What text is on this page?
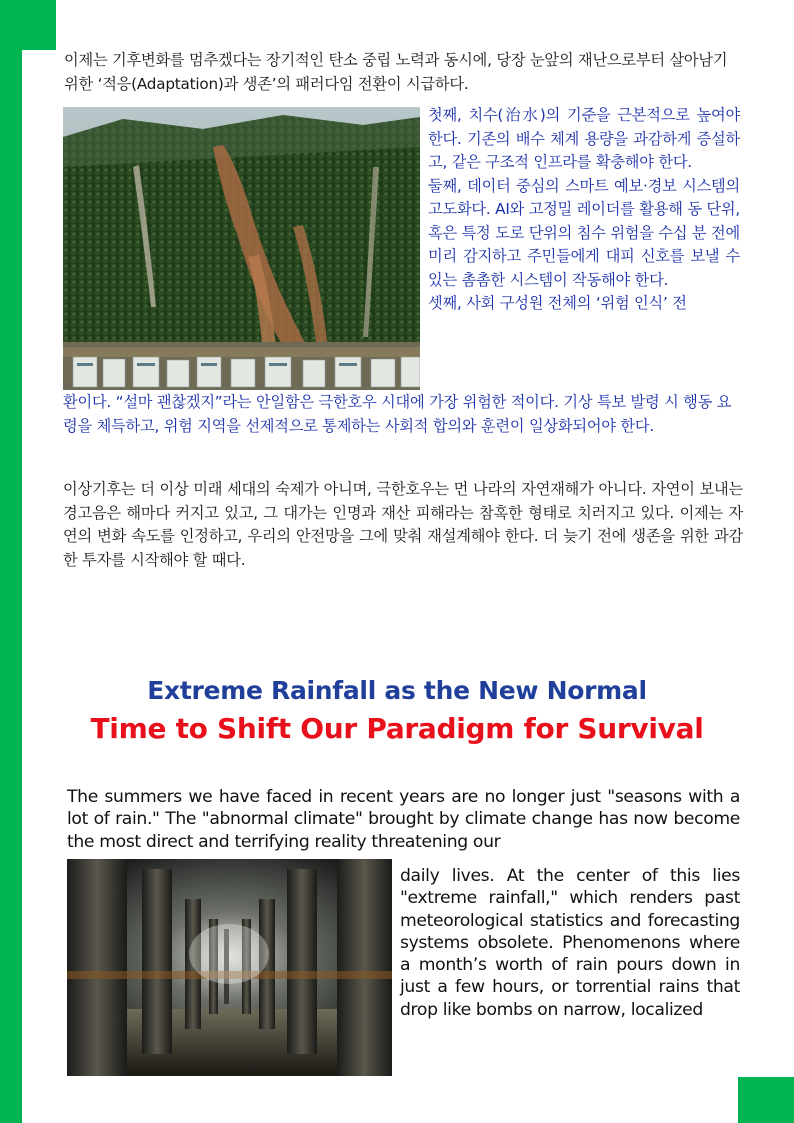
이제는 기후변화를 멈추겠다는 장기적인 탄소 중립 노력과 동시에, 당장 눈앞의 재난으로부터 살아남기 위한 ‘적응(Adaptation)과 생존’의 패러다임 전환이 시급하다.

첫째, 치수(治水)의 기준을 근본적으로 높여야 한다. 기존의 배수 체계 용량을 과감하게 증설하고, 같은 구조적 인프라를 확충해야 한다.

둘째, 데이터 중심의 스마트 예보·경보 시스템의 고도화다. AI와 고정밀 레이더를 활용해 동 단위, 혹은 특정 도로 단위의 침수 위험을 수십 분 전에 미리 감지하고 주민들에게 대피 신호를 보낼 수 있는 촘촘한 시스템이 작동해야 한다.

셋째, 사회 구성원 전체의 ‘위험 인식’ 전

환이다. “설마 괜찮겠지”라는 안일함은 극한호우 시대에 가장 위험한 적이다. 기상 특보 발령 시 행동 요령을 체득하고, 위험 지역을 선제적으로 통제하는 사회적 합의와 훈련이 일상화되어야 한다.
이상기후는 더 이상 미래 세대의 숙제가 아니며, 극한호우는 먼 나라의 자연재해가 아니다. 자연이 보내는 경고음은 해마다 커지고 있고, 그 대가는 인명과 재산 피해라는 참혹한 형태로 치러지고 있다. 이제는 자연의 변화 속도를 인정하고, 우리의 안전망을 그에 맞춰 재설계해야 한다. 더 늦기 전에 생존을 위한 과감한 투자를 시작해야 할 때다.
Extreme Rainfall as the New Normal
Time to Shift Our Paradigm for Survival
The summers we have faced in recent years are no longer just "seasons with a lot of rain." The "abnormal climate" brought by climate change has now become the most direct and terrifying reality threatening our
daily lives. At the center of this lies "extreme rainfall," which renders past meteorological statistics and forecasting systems obsolete. Phenomenons where a month’s worth of rain pours down in just a few hours, or torrential rains that drop like bombs on narrow, localized
